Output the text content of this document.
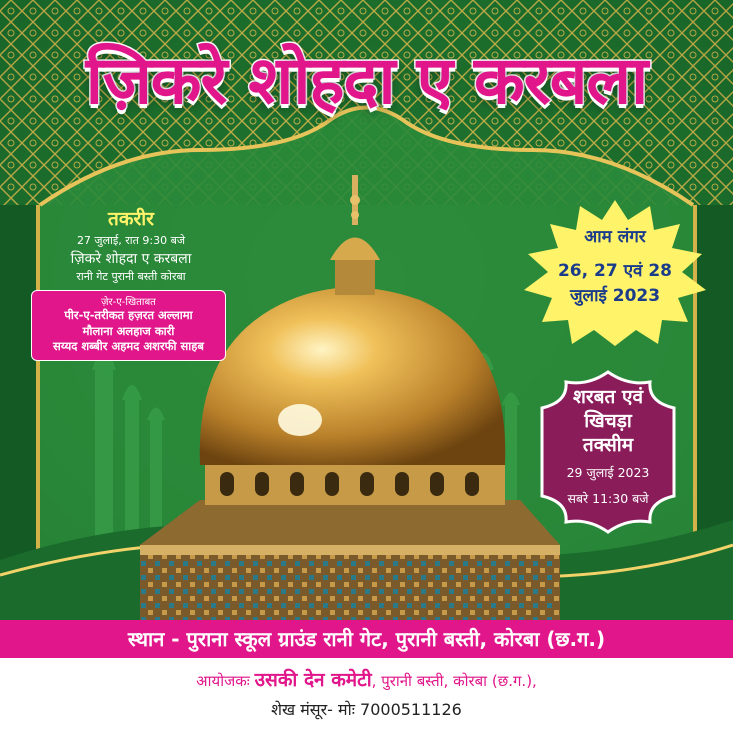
ज़िकरे शोहदा ए करबला
तकरीर
27 जुलाई, रात 9:30 बजे
ज़िकरे शोहदा ए करबला
रानी गेट पुरानी बस्ती कोरबा
ज़ेर-ए-खिताबत
पीर-ए-तरीकत हज़रत अल्लामा
मौलाना अलहाज कारी
सय्यद शब्बीर अहमद अशरफी साहब
आम लंगर
26, 27 एवं 28
जुलाई 2023
शरबत एवं
खिचड़ा
तक्सीम
29 जुलाई 2023
सबरे 11:30 बजे
स्थान - पुराना स्कूल ग्राउंड रानी गेट, पुरानी बस्ती, कोरबा (छ.ग.)
आयोजकः उसकी देन कमेटी, पुरानी बस्ती, कोरबा (छ.ग.),
शेख मंसूर- मोः 7000511126
